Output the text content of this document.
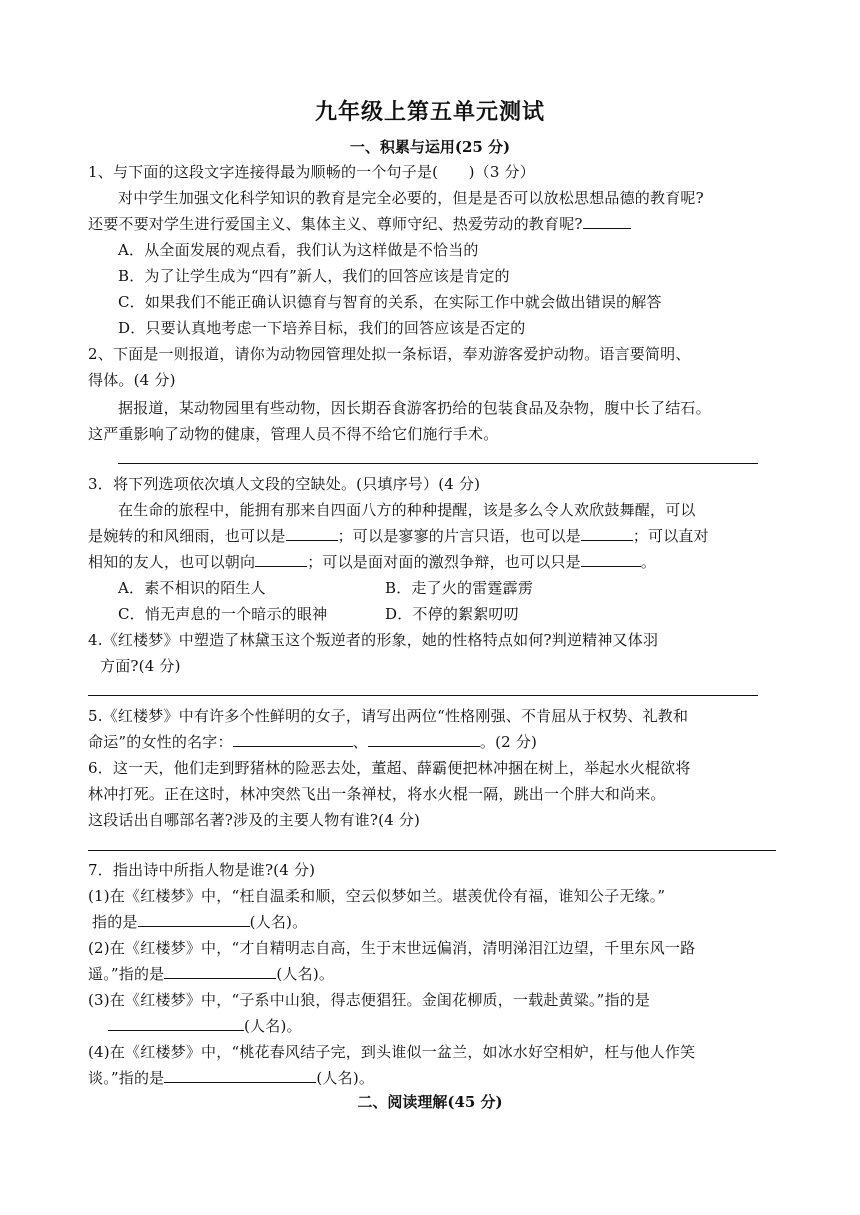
九年级上第五单元测试
一、积累与运用(25 分)
1、与下面的这段文字连接得最为顺畅的一个句子是(　　)（3 分）
对中学生加强文化科学知识的教育是完全必要的，但是是否可以放松思想品德的教育呢?
还要不要对学生进行爱国主义、集体主义、尊师守纪、热爱劳动的教育呢?
A．从全面发展的观点看，我们认为这样做是不恰当的
B．为了让学生成为“四有”新人，我们的回答应该是肯定的
C．如果我们不能正确认识德育与智育的关系，在实际工作中就会做出错误的解答
D．只要认真地考虑一下培养目标，我们的回答应该是否定的
2、下面是一则报道，请你为动物园管理处拟一条标语，奉劝游客爱护动物。语言要简明、
得体。(4 分)
据报道，某动物园里有些动物，因长期吞食游客扔给的包装食品及杂物，腹中长了结石。
这严重影响了动物的健康，管理人员不得不给它们施行手术。
3．将下列选项依次填人文段的空缺处。(只填序号）(4 分)
在生命的旅程中，能拥有那来自四面八方的种种提醒，该是多么令人欢欣鼓舞醒，可以
是婉转的和风细雨，也可以是	；可以是寥寥的片言只语，也可以是	；可以直对
相知的友人，也可以朝向	；可以是面对面的激烈争辩，也可以只是	。
A．素不相识的陌生人	B．走了火的雷霆霹雳
C．悄无声息的一个暗示的眼神	D．不停的絮絮叨叨
4.《红楼梦》中塑造了林黛玉这个叛逆者的形象，她的性格特点如何?判逆精神又体羽
方面?(4 分)
5.《红楼梦》中有许多个性鲜明的女子，请写出两位“性格刚强、不肯屈从于权势、礼教和
命运”的女性的名字：	、	。(2 分)
6．这一天，他们走到野猪林的险恶去处，董超、薛霸便把林冲捆在树上，举起水火棍欲将
林冲打死。正在这时，林冲突然飞出一条禅杖，将水火棍一隔，跳出一个胖大和尚来。
这段话出自哪部名著?涉及的主要人物有谁?(4 分)
7．指出诗中所指人物是谁?(4 分)
(1)在《红楼梦》中，“枉自温柔和顺，空云似梦如兰。堪羡优伶有福，谁知公子无缘。”
指的是	(人名)。
(2)在《红楼梦》中，“才自精明志自高，生于末世远偏消，清明涕泪江边望，千里东风一路
遥。”指的是	(人名)。
(3)在《红楼梦》中，“子系中山狼，得志便猖狂。金闺花柳质，一载赴黄粱。”指的是
(人名)。
(4)在《红楼梦》中，“桃花春风结子完，到头谁似一盆兰，如冰水好空相妒，枉与他人作笑
谈。”指的是	(人名)。
二、阅读理解(45 分)
